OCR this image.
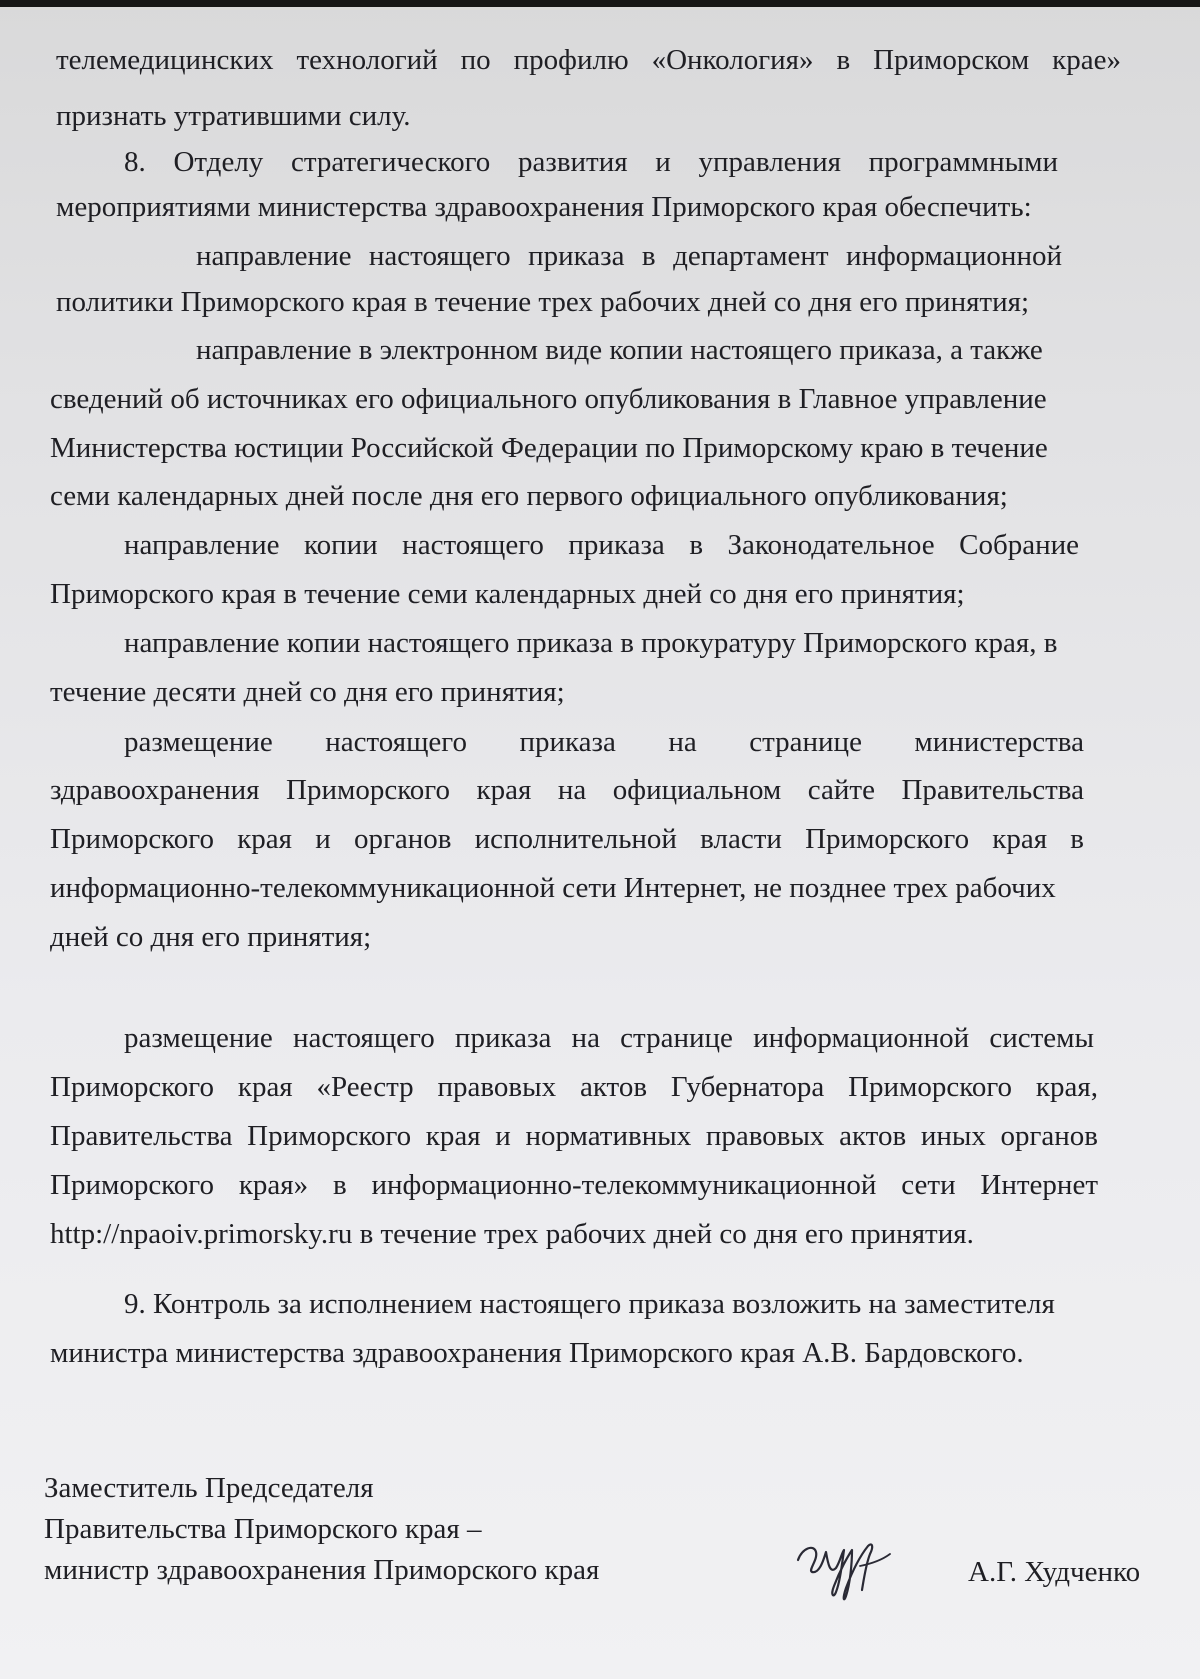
телемедицинских технологий по профилю «Онкология» в Приморском крае»

признать утратившими силу.

8. Отделу стратегического развития и управления программными

мероприятиями министерства здравоохранения Приморского края обеспечить:

направление настоящего приказа в департамент информационной

политики Приморского края в течение трех рабочих дней со дня его принятия;

направление в электронном виде копии настоящего приказа, а также

сведений об источниках его официального опубликования в Главное управление

Министерства юстиции Российской Федерации по Приморскому краю в течение

семи календарных дней после дня его первого официального опубликования;

направление копии настоящего приказа в Законодательное Собрание

Приморского края в течение семи календарных дней со дня его принятия;

направление копии настоящего приказа в прокуратуру Приморского края, в

течение десяти дней со дня его принятия;

размещение настоящего приказа на странице министерства

здравоохранения Приморского края на официальном сайте Правительства

Приморского края и органов исполнительной власти Приморского края в

информационно-телекоммуникационной сети Интернет, не позднее трех рабочих

дней со дня его принятия;

размещение настоящего приказа на странице информационной системы

Приморского края «Реестр правовых актов Губернатора Приморского края,

Правительства Приморского края и нормативных правовых актов иных органов

Приморского края» в информационно-телекоммуникационной сети Интернет

http://npaoiv.primorsky.ru в течение трех рабочих дней со дня его принятия.

9. Контроль за исполнением настоящего приказа возложить на заместителя

министра министерства здравоохранения Приморского края А.В. Бардовского.

Заместитель Председателя
Правительства Приморского края –
министр здравоохранения Приморского края	А.Г. Худченко
